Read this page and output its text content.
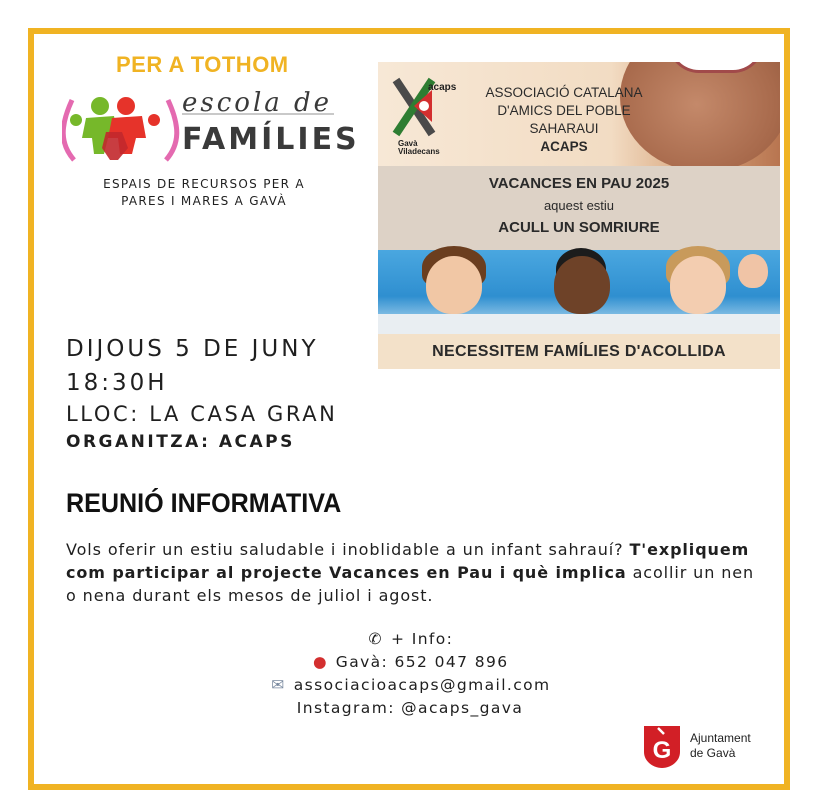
PER A TOTHOM
escola de
FAMÍLIES
ESPAIS DE RECURSOS PER A
PARES I MARES A GAVÀ
acaps
Gavà
Viladecans
ASSOCIACIÓ CATALANA
D'AMICS DEL POBLE SAHARAUI
ACAPS
VACANCES EN PAU 2025
aquest estiu
ACULL UN SOMRIURE
NECESSITEM FAMÍLIES D'ACOLLIDA
DIJOUS 5 DE JUNY
18:30H
LLOC: LA CASA GRAN
ORGANITZA: ACAPS
REUNIÓ INFORMATIVA
Vols oferir un estiu saludable i inoblidable a un infant sahrauí? T'expliquem com participar al projecte Vacances en Pau i què implica acollir un nen o nena durant els mesos de juliol i agost.
✆ + Info:
● Gavà: 652 047 896
✉ associacioacaps@gmail.com
Instagram: @acaps_gava
G Ajuntament
de Gavà
